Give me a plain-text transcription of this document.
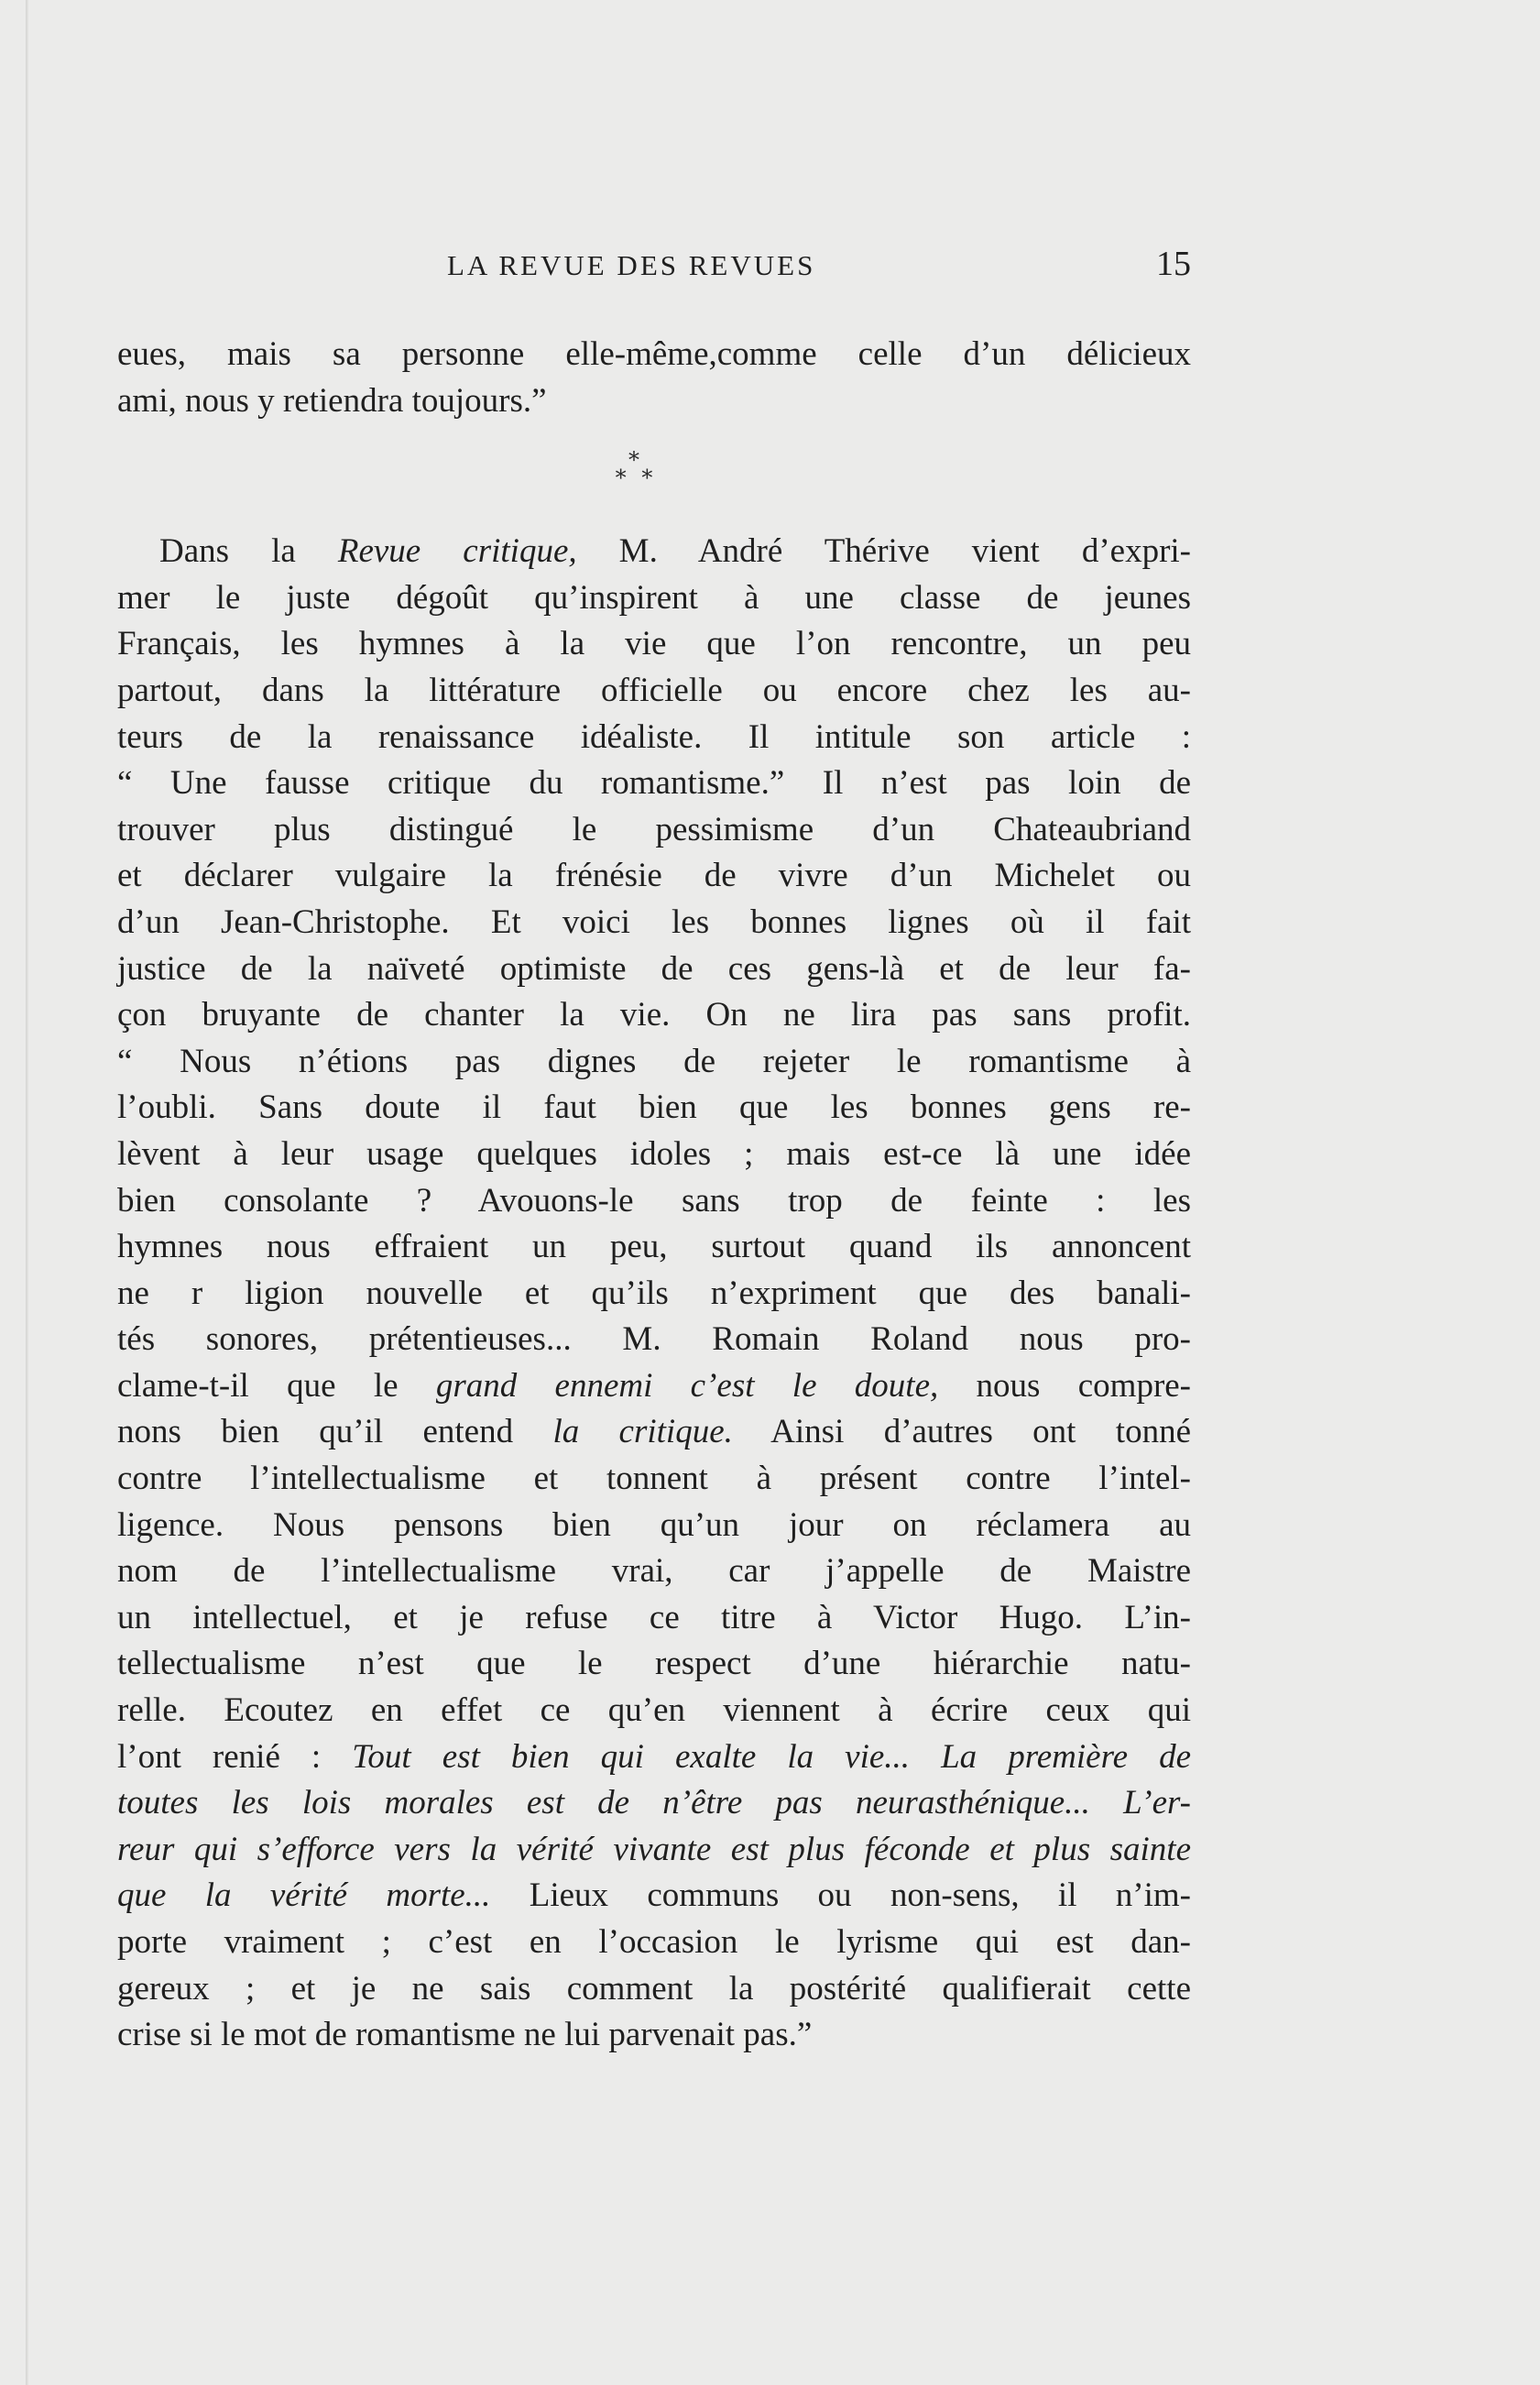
LA REVUE DES REVUES	15
eues, mais sa personne elle-même,comme celle d’un délicieux
ami, nous y retiendra toujours.”
*
* *
Dans la Revue critique, M. André Thérive vient d’expri-
mer le juste dégoût qu’inspirent à une classe de jeunes
Français, les hymnes à la vie que l’on rencontre, un peu
partout, dans la littérature officielle ou encore chez les au-
teurs de la renaissance idéaliste. Il intitule son article :
“ Une fausse critique du romantisme.” Il n’est pas loin de
trouver plus distingué le pessimisme d’un Chateaubriand
et déclarer vulgaire la frénésie de vivre d’un Michelet ou
d’un Jean-Christophe. Et voici les bonnes lignes où il fait
justice de la naïveté optimiste de ces gens-là et de leur fa-
çon bruyante de chanter la vie. On ne lira pas sans profit.
“ Nous n’étions pas dignes de rejeter le romantisme à
l’oubli. Sans doute il faut bien que les bonnes gens re-
lèvent à leur usage quelques idoles ; mais est-ce là une idée
bien consolante ? Avouons-le sans trop de feinte : les
hymnes nous effraient un peu, surtout quand ils annoncent
ne r ligion nouvelle et qu’ils n’expriment que des banali-
tés sonores, prétentieuses... M. Romain Roland nous pro-
clame-t-il que le grand ennemi c’est le doute, nous compre-
nons bien qu’il entend la critique. Ainsi d’autres ont tonné
contre l’intellectualisme et tonnent à présent contre l’intel-
ligence. Nous pensons bien qu’un jour on réclamera au
nom de l’intellectualisme vrai, car j’appelle de Maistre
un intellectuel, et je refuse ce titre à Victor Hugo. L’in-
tellectualisme n’est que le respect d’une hiérarchie natu-
relle. Ecoutez en effet ce qu’en viennent à écrire ceux qui
l’ont renié : Tout est bien qui exalte la vie... La première de
toutes les lois morales est de n’être pas neurasthénique... L’er-
reur qui s’efforce vers la vérité vivante est plus féconde et plus sainte
que la vérité morte... Lieux communs ou non-sens, il n’im-
porte vraiment ; c’est en l’occasion le lyrisme qui est dan-
gereux ; et je ne sais comment la postérité qualifierait cette
crise si le mot de romantisme ne lui parvenait pas.”
